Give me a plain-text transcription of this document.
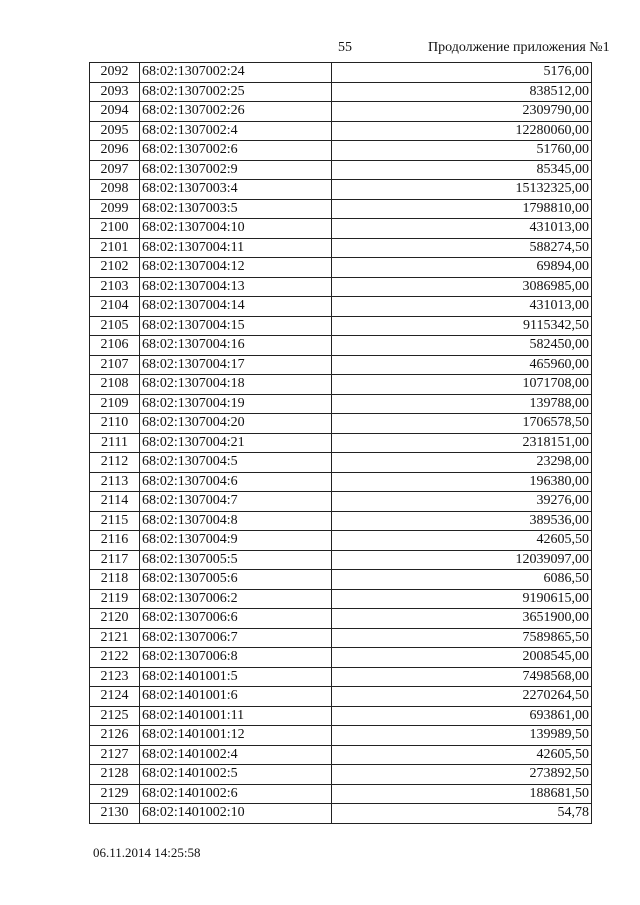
55	Продолжение приложения №1
2092	68:02:1307002:24	5176,00
2093	68:02:1307002:25	838512,00
2094	68:02:1307002:26	2309790,00
2095	68:02:1307002:4	12280060,00
2096	68:02:1307002:6	51760,00
2097	68:02:1307002:9	85345,00
2098	68:02:1307003:4	15132325,00
2099	68:02:1307003:5	1798810,00
2100	68:02:1307004:10	431013,00
2101	68:02:1307004:11	588274,50
2102	68:02:1307004:12	69894,00
2103	68:02:1307004:13	3086985,00
2104	68:02:1307004:14	431013,00
2105	68:02:1307004:15	9115342,50
2106	68:02:1307004:16	582450,00
2107	68:02:1307004:17	465960,00
2108	68:02:1307004:18	1071708,00
2109	68:02:1307004:19	139788,00
2110	68:02:1307004:20	1706578,50
2111	68:02:1307004:21	2318151,00
2112	68:02:1307004:5	23298,00
2113	68:02:1307004:6	196380,00
2114	68:02:1307004:7	39276,00
2115	68:02:1307004:8	389536,00
2116	68:02:1307004:9	42605,50
2117	68:02:1307005:5	12039097,00
2118	68:02:1307005:6	6086,50
2119	68:02:1307006:2	9190615,00
2120	68:02:1307006:6	3651900,00
2121	68:02:1307006:7	7589865,50
2122	68:02:1307006:8	2008545,00
2123	68:02:1401001:5	7498568,00
2124	68:02:1401001:6	2270264,50
2125	68:02:1401001:11	693861,00
2126	68:02:1401001:12	139989,50
2127	68:02:1401002:4	42605,50
2128	68:02:1401002:5	273892,50
2129	68:02:1401002:6	188681,50
2130	68:02:1401002:10	54,78
06.11.2014 14:25:58
